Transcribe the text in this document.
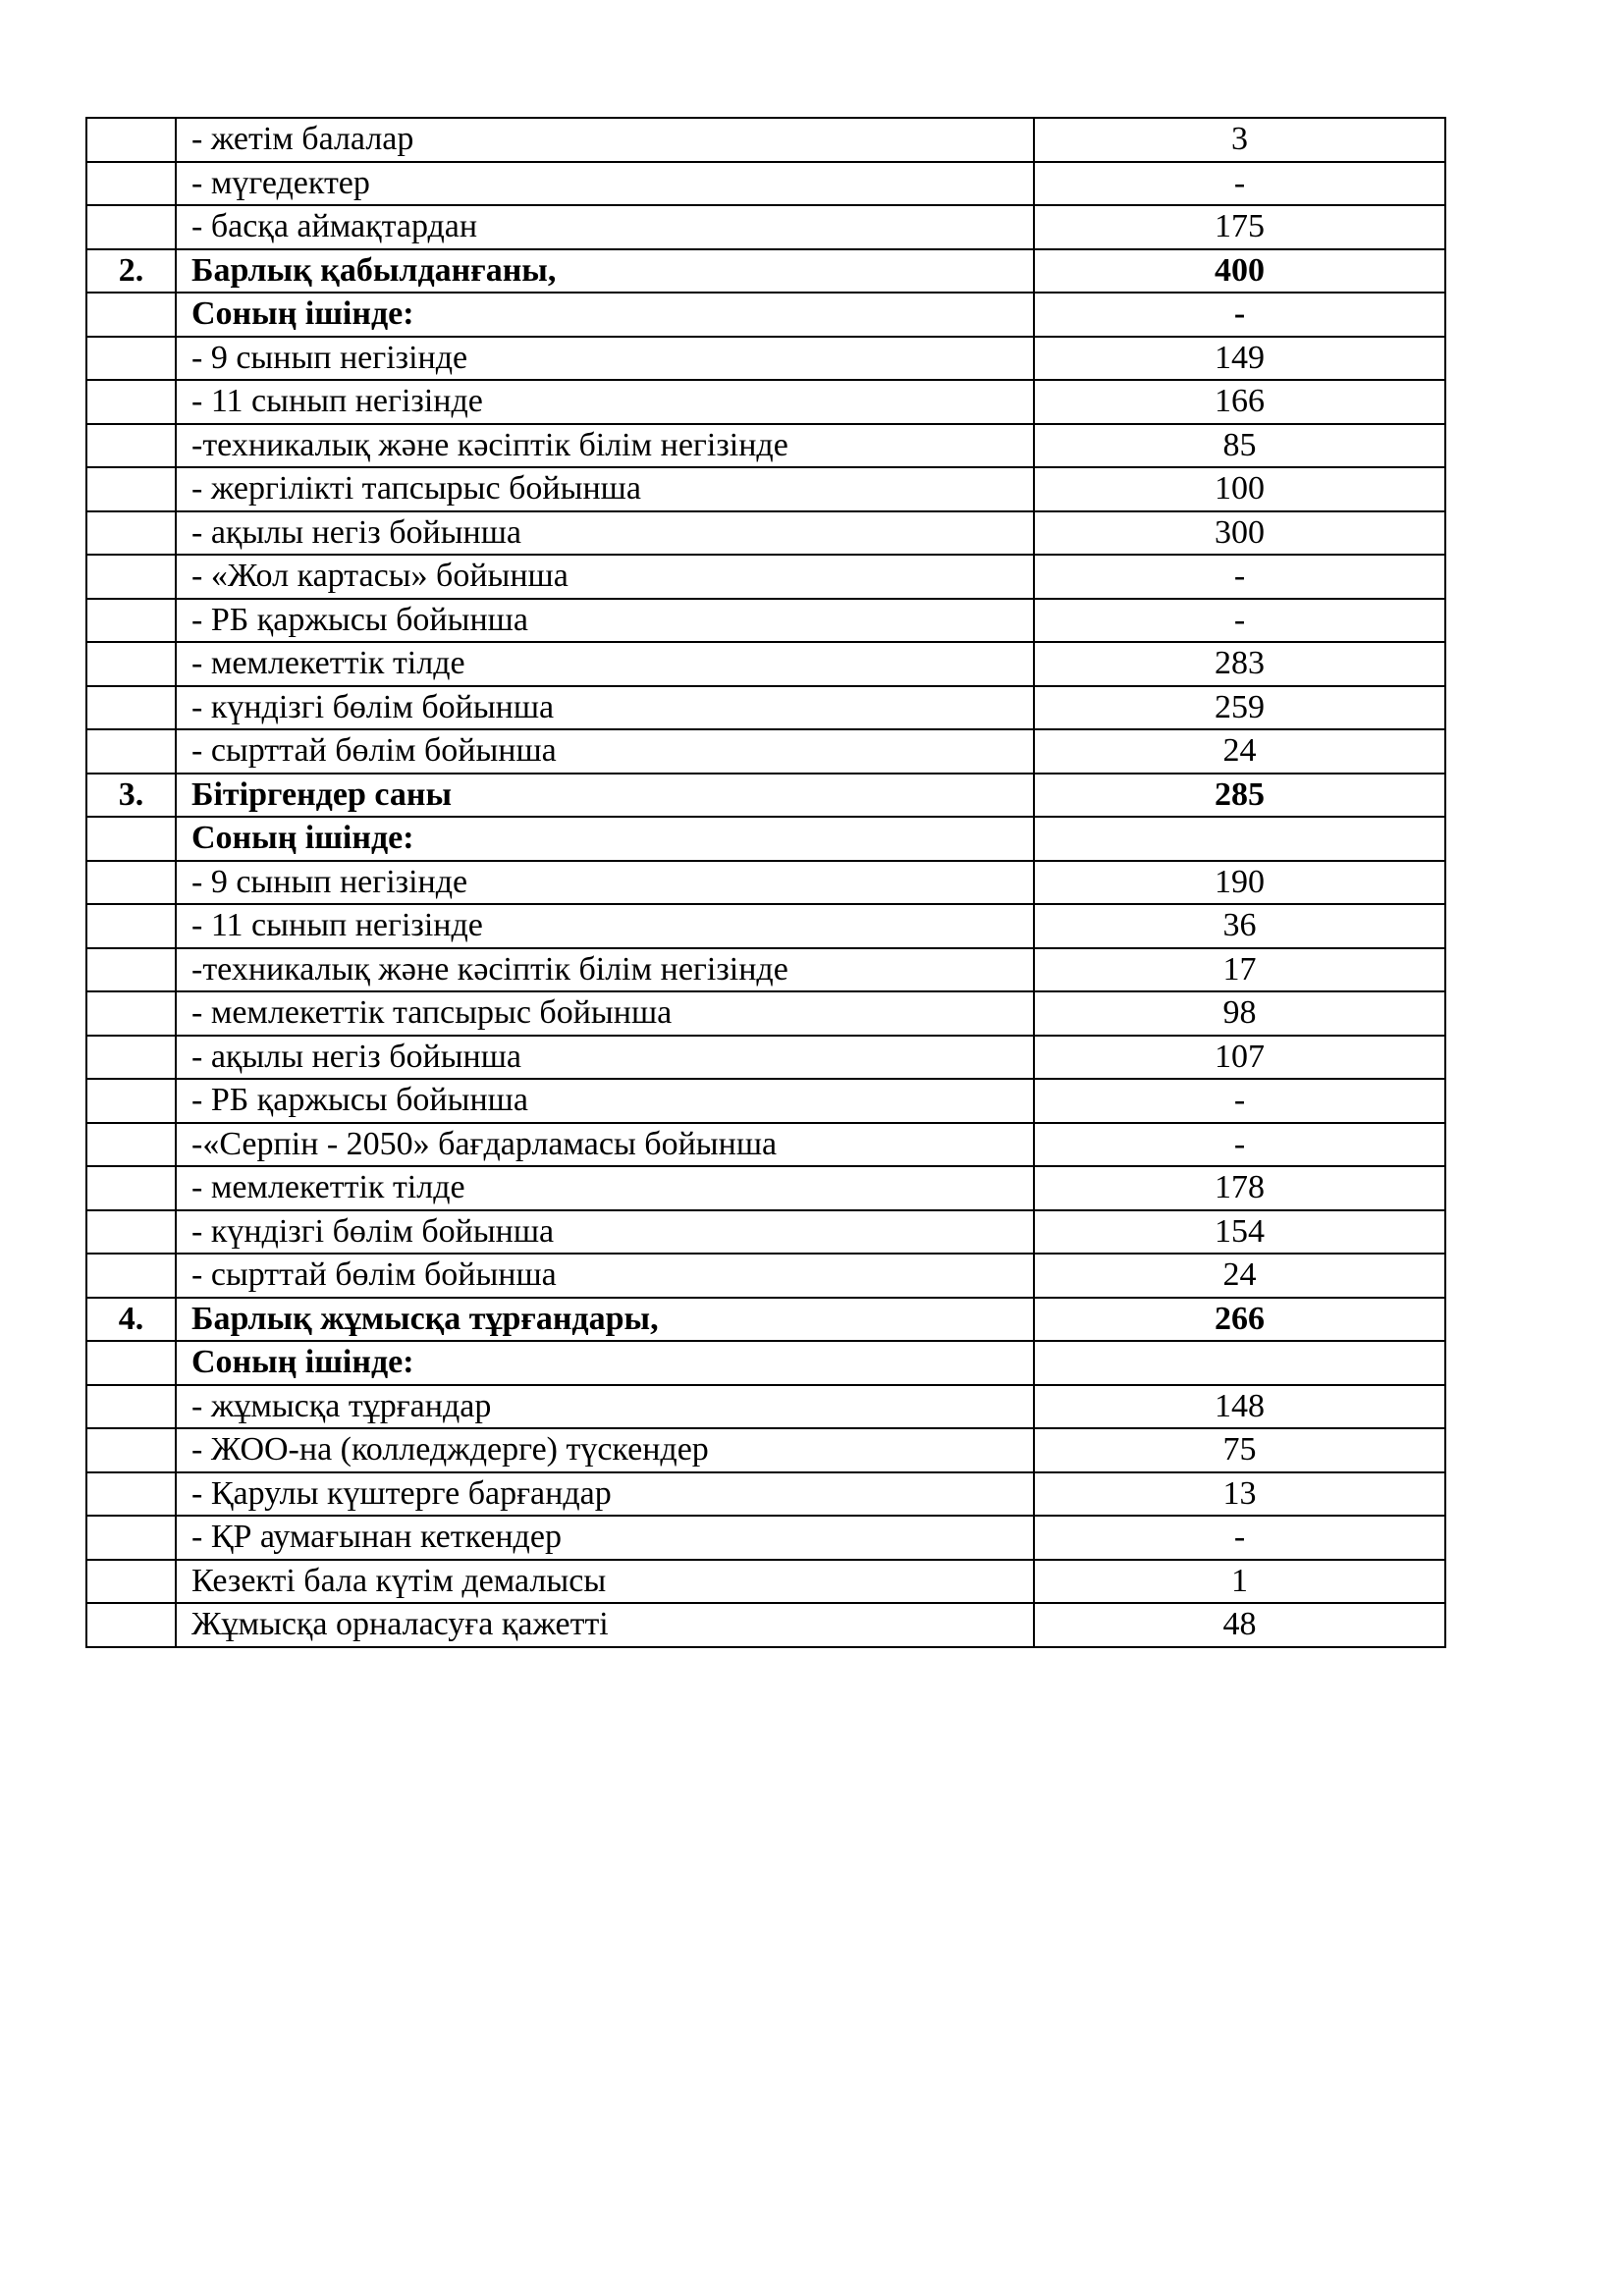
	- жетім балалар	3
	- мүгедектер	-
	- басқа аймақтардан	175
2.	Барлық қабылданғаны,	400
	Соның ішінде:	-
	- 9 сынып негізінде	149
	- 11 сынып негізінде	166
	-техникалық және кәсіптік білім негізінде	85
	- жергілікті тапсырыс бойынша	100
	- ақылы негіз бойынша	300
	- «Жол картасы» бойынша	-
	- РБ қаржысы бойынша	-
	- мемлекеттік тілде	283
	- күндізгі бөлім бойынша	259
	- сырттай бөлім бойынша	24
3.	Бітіргендер саны	285
	Соның ішінде:	
	- 9 сынып негізінде	190
	- 11 сынып негізінде	36
	-техникалық және кәсіптік білім негізінде	17
	- мемлекеттік тапсырыс бойынша	98
	- ақылы негіз бойынша	107
	- РБ қаржысы бойынша	-
	-«Серпін - 2050» бағдарламасы бойынша	-
	- мемлекеттік тілде	178
	- күндізгі бөлім бойынша	154
	- сырттай бөлім бойынша	24
4.	Барлық жұмысқа тұрғандары,	266
	Соның ішінде:	
	- жұмысқа тұрғандар	148
	- ЖОО-на (колледждерге) түскендер	75
	- Қарулы күштерге барғандар	13
	- ҚР аумағынан кеткендер	-
	Кезекті бала күтім демалысы	1
	Жұмысқа орналасуға қажетті	48
